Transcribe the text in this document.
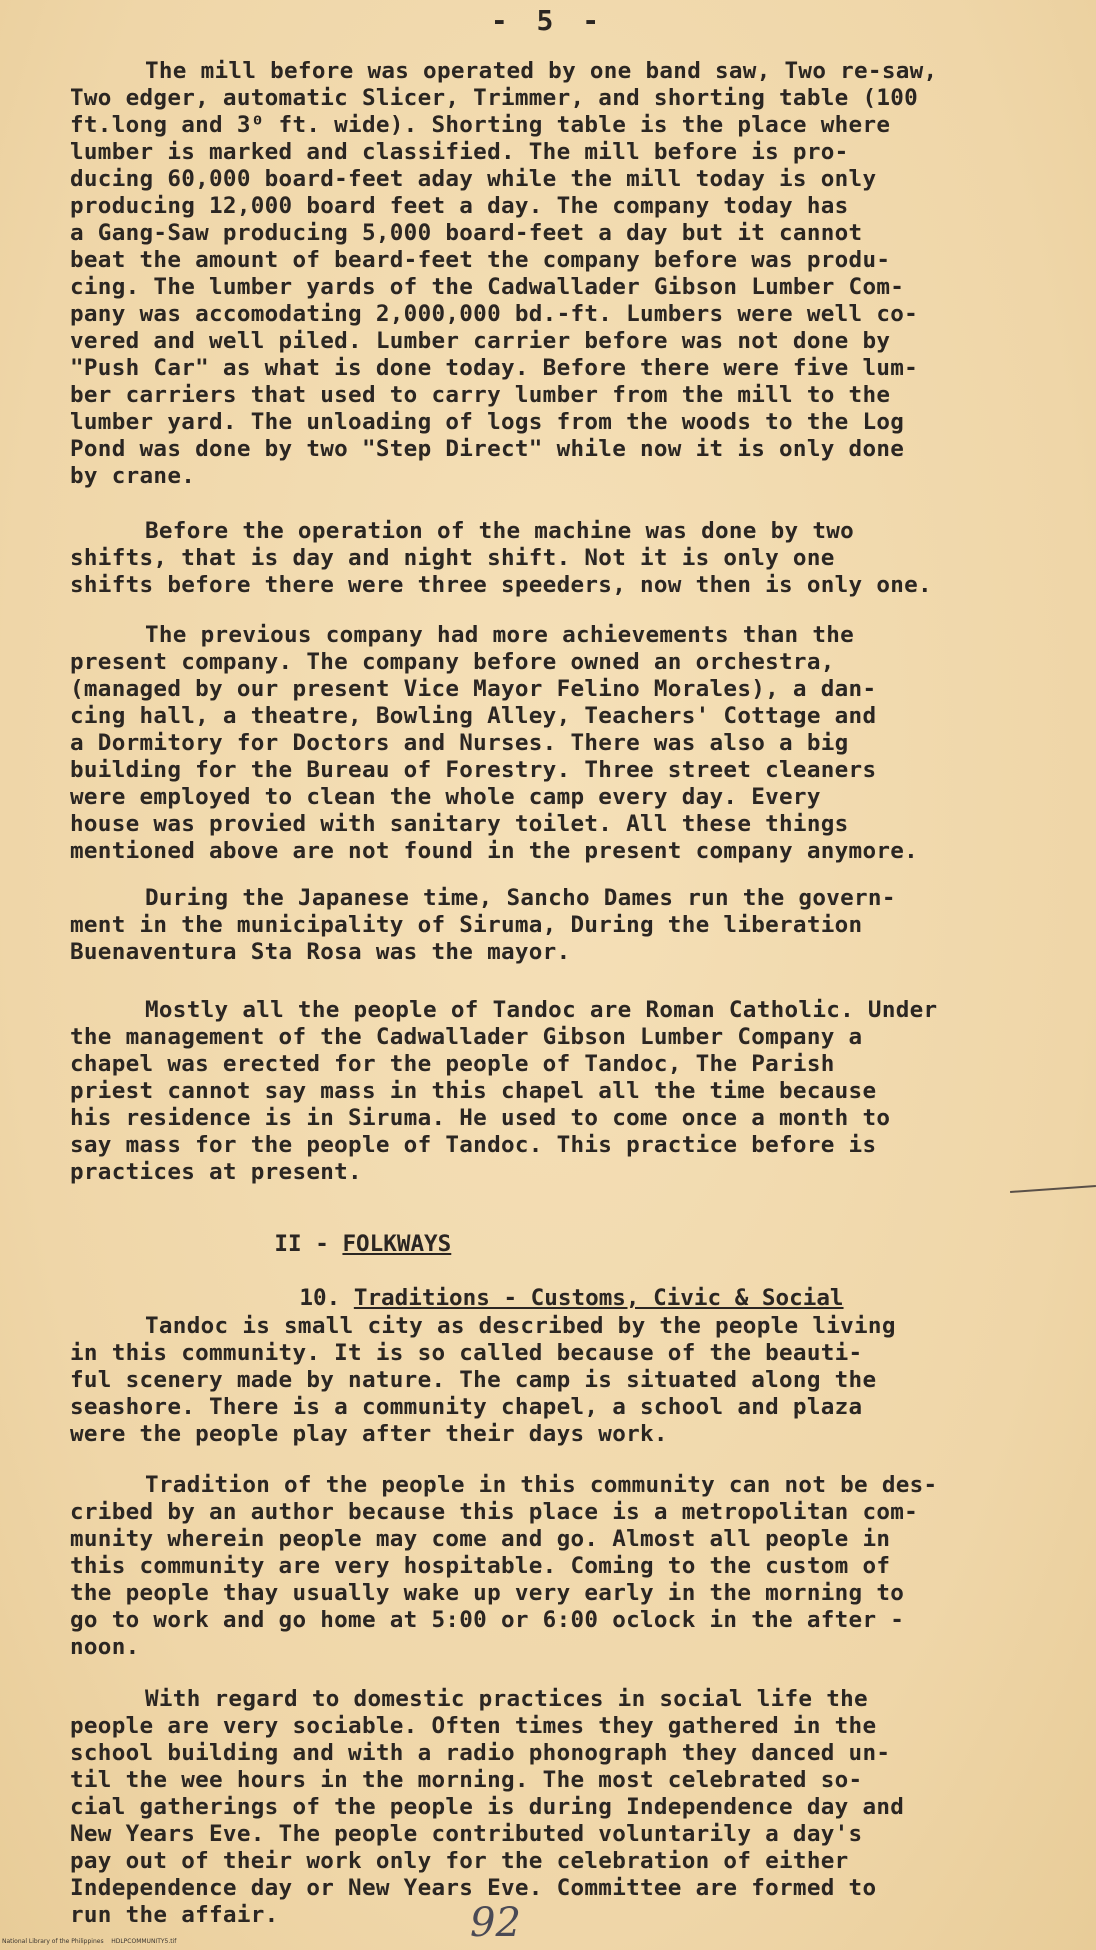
- 5 -
The mill before was operated by one band saw, Two re-saw,
Two edger, automatic Slicer, Trimmer, and shorting table (100
ft.long and 3⁰ ft. wide). Shorting table is the place where
lumber is marked and classified. The mill before is pro-
ducing 60,000 board-feet aday while the mill today is only
producing 12,000 board feet a day. The company today has
a Gang-Saw producing 5,000 board-feet a day but it cannot
beat the amount of beard-feet the company before was produ-
cing. The lumber yards of the Cadwallader Gibson Lumber Com-
pany was accomodating 2,000,000 bd.-ft. Lumbers were well co-
vered and well piled. Lumber carrier before was not done by
"Push Car" as what is done today. Before there were five lum-
ber carriers that used to carry lumber from the mill to the
lumber yard. The unloading of logs from the woods to the Log
Pond was done by two "Step Direct" while now it is only done
by crane.
Before the operation of the machine was done by two
shifts, that is day and night shift. Not it is only one
shifts before there were three speeders, now then is only one.
The previous company had more achievements than the
present company. The company before owned an orchestra,
(managed by our present Vice Mayor Felino Morales), a dan-
cing hall, a theatre, Bowling Alley, Teachers' Cottage and
a Dormitory for Doctors and Nurses. There was also a big
building for the Bureau of Forestry. Three street cleaners
were employed to clean the whole camp every day. Every
house was provied with sanitary toilet. All these things
mentioned above are not found in the present company anymore.
During the Japanese time, Sancho Dames run the govern-
ment in the municipality of Siruma, During the liberation
Buenaventura Sta Rosa was the mayor.
Mostly all the people of Tandoc are Roman Catholic. Under
the management of the Cadwallader Gibson Lumber Company a
chapel was erected for the people of Tandoc, The Parish
priest cannot say mass in this chapel all the time because
his residence is in Siruma. He used to come once a month to
say mass for the people of Tandoc. This practice before is
practices at present.
Tandoc is small city as described by the people living
in this community. It is so called because of the beauti-
ful scenery made by nature. The camp is situated along the
seashore. There is a community chapel, a school and plaza
were the people play after their days work.
Tradition of the people in this community can not be des-
cribed by an author because this place is a metropolitan com-
munity wherein people may come and go. Almost all people in
this community are very hospitable. Coming to the custom of
the people thay usually wake up very early in the morning to
go to work and go home at 5:00 or 6:00 oclock in the after -
noon.
With regard to domestic practices in social life the
people are very sociable. Often times they gathered in the
school building and with a radio phonograph they danced un-
til the wee hours in the morning. The most celebrated so-
cial gatherings of the people is during Independence day and
New Years Eve. The people contributed voluntarily a day's
pay out of their work only for the celebration of either
Independence day or New Years Eve. Committee are formed to
run the affair.

II - FOLKWAYS

10. Traditions - Customs, Civic & Social

92
National Library of the Philippines    HDLPCOMMUNITY5.tif
